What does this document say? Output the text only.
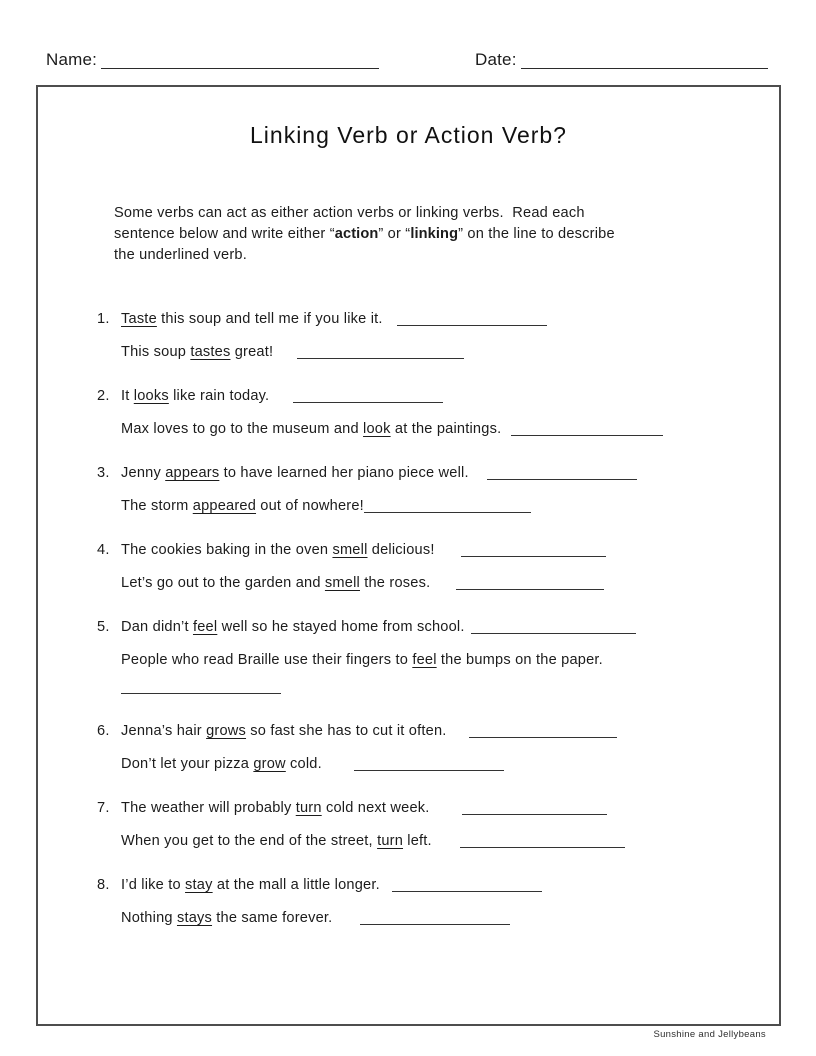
Name:	Date:
Linking Verb or Action Verb?
Some verbs can act as either action verbs or linking verbs.  Read each
sentence below and write either “action” or “linking” on the line to describe
the underlined verb.
1. Taste this soup and tell me if you like it.
This soup tastes great!
2. It looks like rain today.
Max loves to go to the museum and look at the paintings.
3. Jenny appears to have learned her piano piece well.
The storm appeared out of nowhere!
4. The cookies baking in the oven smell delicious!
Let’s go out to the garden and smell the roses.
5. Dan didn’t feel well so he stayed home from school.
People who read Braille use their fingers to feel the bumps on the paper.
6. Jenna’s hair grows so fast she has to cut it often.
Don’t let your pizza grow cold.
7. The weather will probably turn cold next week.
When you get to the end of the street, turn left.
8. I’d like to stay at the mall a little longer.
Nothing stays the same forever.
Sunshine and Jellybeans
